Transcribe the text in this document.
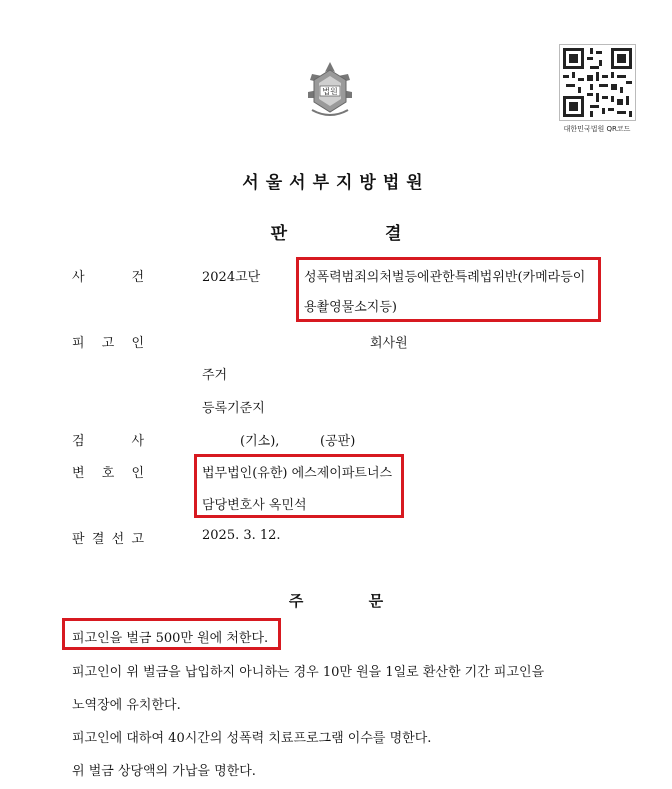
법원
대한민국법원 QR코드
서울서부지방법원
판	결
사	건	2024고단	성폭력범죄의처벌등에관한특례법위반(카메라등이
용촬영물소지등)
피 고 인	회사원
주거
등록기준지
검	사	(기소),	(공판)
변 호 인	법무법인(유한) 에스제이파트너스
담당변호사 옥민석
판 결 선 고	2025. 3. 12.
주	문
피고인을 벌금 500만 원에 처한다.
피고인이 위 벌금을 납입하지 아니하는 경우 10만 원을 1일로 환산한 기간 피고인을
노역장에 유치한다.
피고인에 대하여 40시간의 성폭력 치료프로그램 이수를 명한다.
위 벌금 상당액의 가납을 명한다.
